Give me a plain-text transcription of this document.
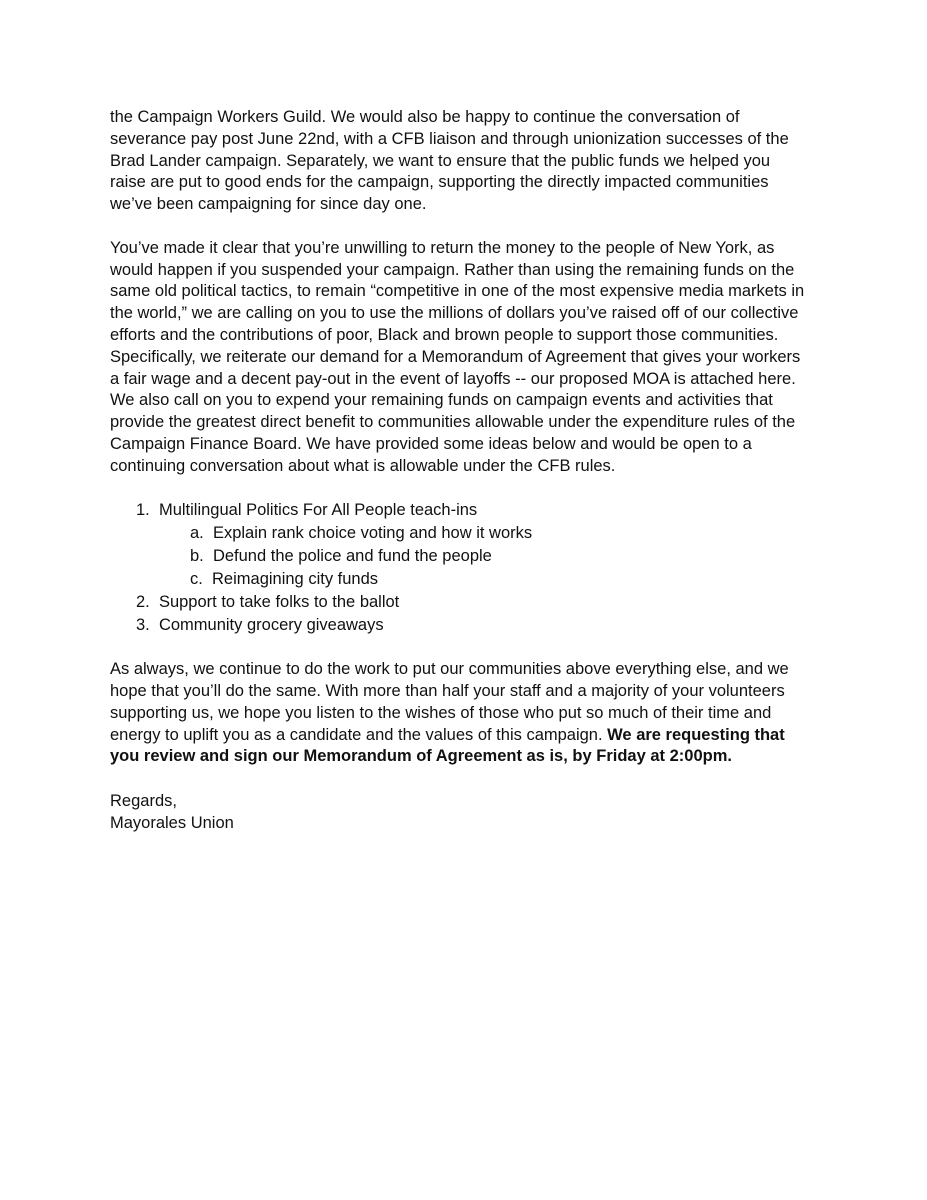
the Campaign Workers Guild. We would also be happy to continue the conversation of
severance pay post June 22nd, with a CFB liaison and through unionization successes of the
Brad Lander campaign. Separately, we want to ensure that the public funds we helped you
raise are put to good ends for the campaign, supporting the directly impacted communities
we’ve been campaigning for since day one.
You’ve made it clear that you’re unwilling to return the money to the people of New York, as
would happen if you suspended your campaign. Rather than using the remaining funds on the
same old political tactics, to remain “competitive in one of the most expensive media markets in
the world,” we are calling on you to use the millions of dollars you’ve raised off of our collective
efforts and the contributions of poor, Black and brown people to support those communities.
Specifically, we reiterate our demand for a Memorandum of Agreement that gives your workers
a fair wage and a decent pay-out in the event of layoffs -- our proposed MOA is attached here.
We also call on you to expend your remaining funds on campaign events and activities that
provide the greatest direct benefit to communities allowable under the expenditure rules of the
Campaign Finance Board. We have provided some ideas below and would be open to a
continuing conversation about what is allowable under the CFB rules.
1.  Multilingual Politics For All People teach-ins
a.  Explain rank choice voting and how it works
b.  Defund the police and fund the people
c.  Reimagining city funds
2.  Support to take folks to the ballot
3.  Community grocery giveaways
As always, we continue to do the work to put our communities above everything else, and we
hope that you’ll do the same. With more than half your staff and a majority of your volunteers
supporting us, we hope you listen to the wishes of those who put so much of their time and
energy to uplift you as a candidate and the values of this campaign. We are requesting that
you review and sign our Memorandum of Agreement as is, by Friday at 2:00pm.
Regards,
Mayorales Union
